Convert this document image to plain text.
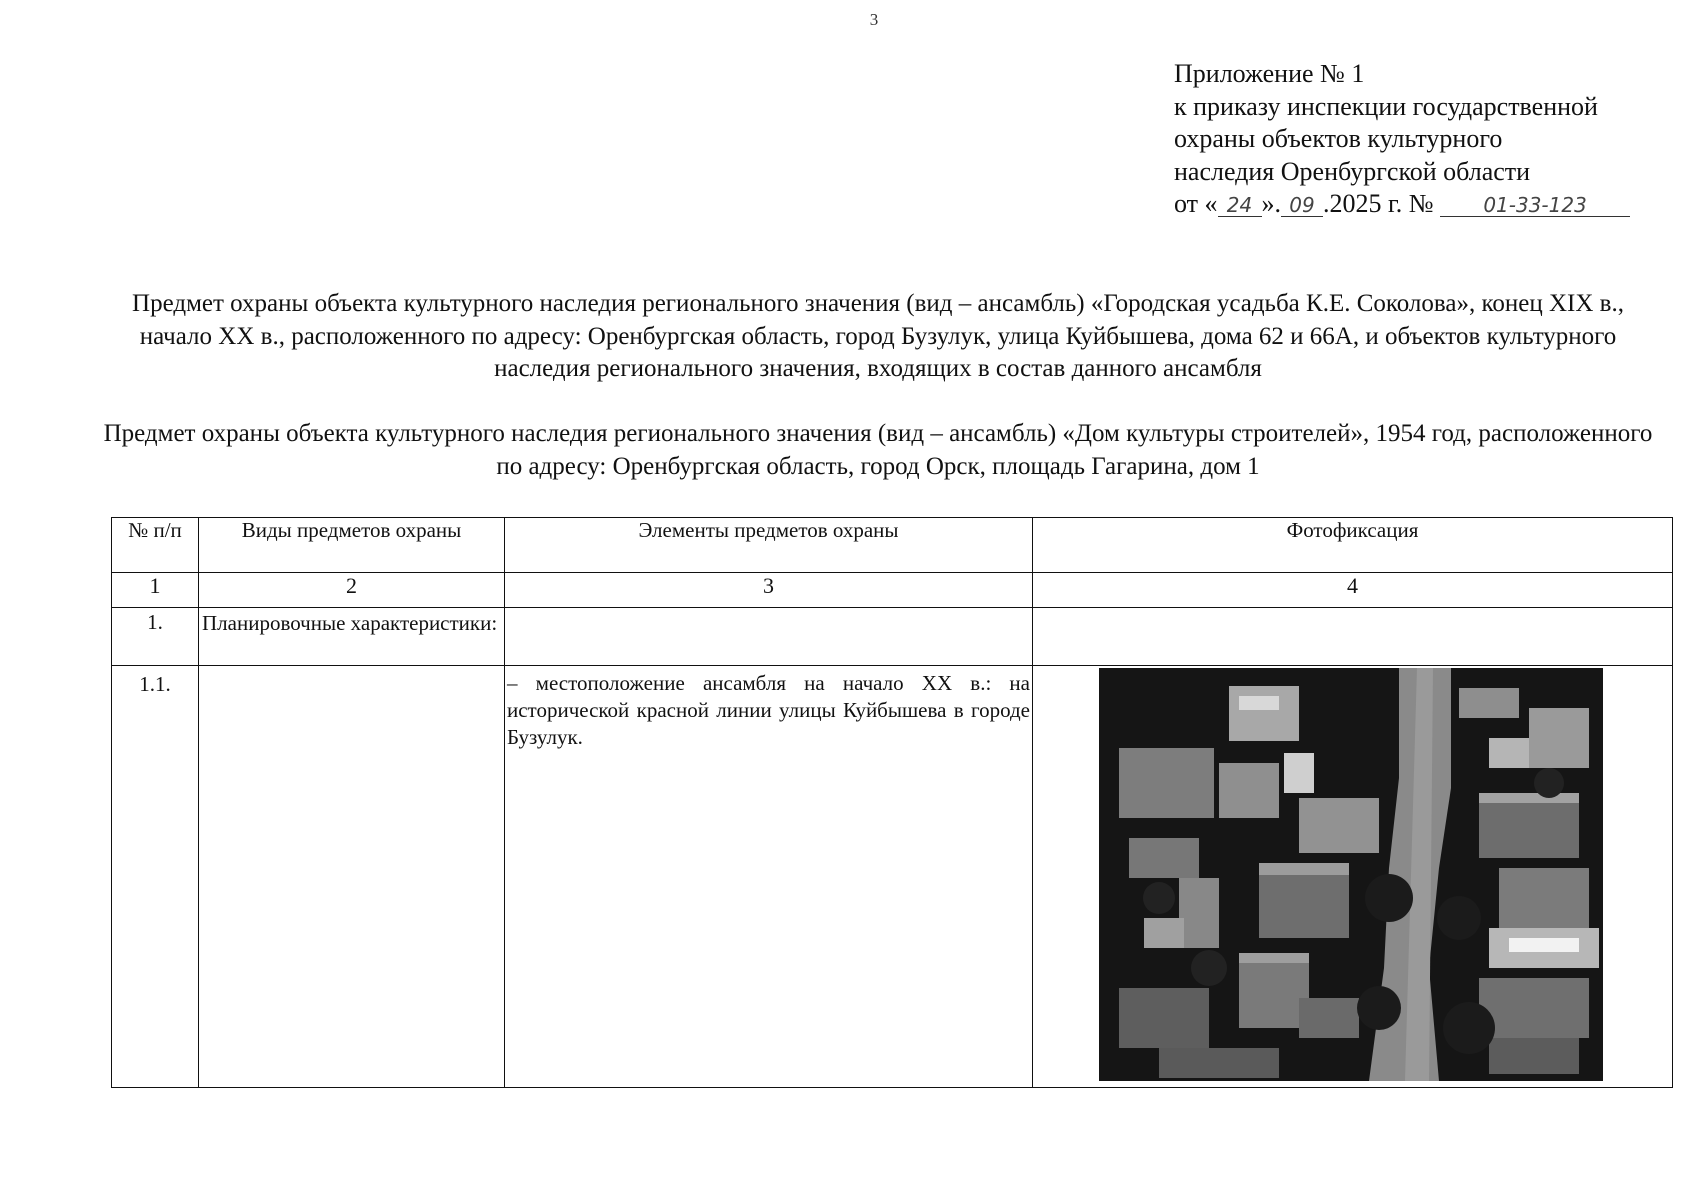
3
Приложение № 1
к приказу инспекции государственной
охраны объектов культурного
наследия Оренбургской области
от « 24 ». 09 .2025 г. № 01-33-123
Предмет охраны объекта культурного наследия регионального значения (вид – ансамбль) «Городская усадьба К.Е. Соколова», конец XIX в., начало XX в., расположенного по адресу: Оренбургская область, город Бузулук, улица Куйбышева, дома 62 и 66А, и объектов культурного наследия регионального значения, входящих в состав данного ансамбля
Предмет охраны объекта культурного наследия регионального значения (вид – ансамбль) «Дом культуры строителей», 1954 год, расположенного по адресу: Оренбургская область, город Орск, площадь Гагарина, дом 1
№ п/п	Виды предметов охраны	Элементы предметов охраны	Фотофиксация
1	2	3	4
1.	Планировочные характеристики:		
1.1.		– местоположение ансамбля на начало XX в.: на исторической красной линии улицы Куйбышева в городе Бузулук.	
